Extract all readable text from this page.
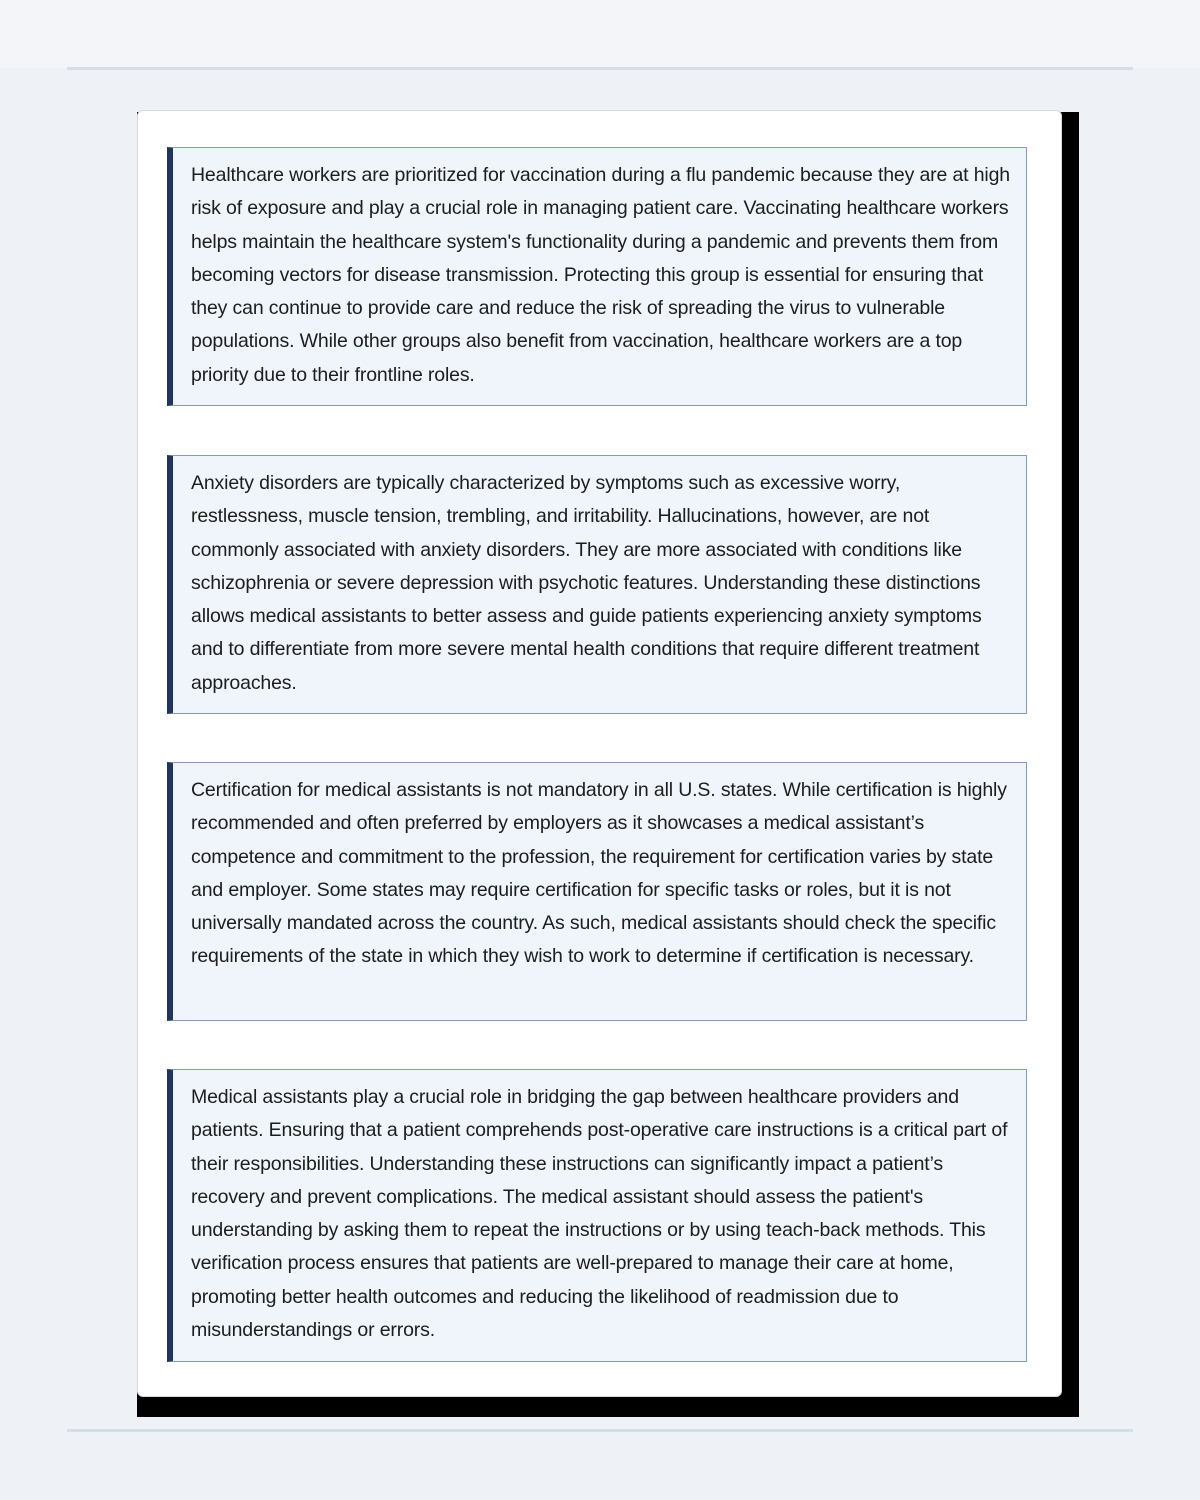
Healthcare workers are prioritized for vaccination during a flu pandemic because they are at high risk of exposure and play a crucial role in managing patient care. Vaccinating healthcare workers helps maintain the healthcare system's functionality during a pandemic and prevents them from becoming vectors for disease transmission. Protecting this group is essential for ensuring that they can continue to provide care and reduce the risk of spreading the virus to vulnerable populations. While other groups also benefit from vaccination, healthcare workers are a top priority due to their frontline roles.

Anxiety disorders are typically characterized by symptoms such as excessive worry, restlessness, muscle tension, trembling, and irritability. Hallucinations, however, are not commonly associated with anxiety disorders. They are more associated with conditions like schizophrenia or severe depression with psychotic features. Understanding these distinctions allows medical assistants to better assess and guide patients experiencing anxiety symptoms and to differentiate from more severe mental health conditions that require different treatment approaches.

Certification for medical assistants is not mandatory in all U.S. states. While certification is highly recommended and often preferred by employers as it showcases a medical assistant’s competence and commitment to the profession, the requirement for certification varies by state and employer. Some states may require certification for specific tasks or roles, but it is not universally mandated across the country. As such, medical assistants should check the specific requirements of the state in which they wish to work to determine if certification is necessary.

Medical assistants play a crucial role in bridging the gap between healthcare providers and patients. Ensuring that a patient comprehends post-operative care instructions is a critical part of their responsibilities. Understanding these instructions can significantly impact a patient’s recovery and prevent complications. The medical assistant should assess the patient's understanding by asking them to repeat the instructions or by using teach-back methods. This verification process ensures that patients are well-prepared to manage their care at home, promoting better health outcomes and reducing the likelihood of readmission due to misunderstandings or errors.
